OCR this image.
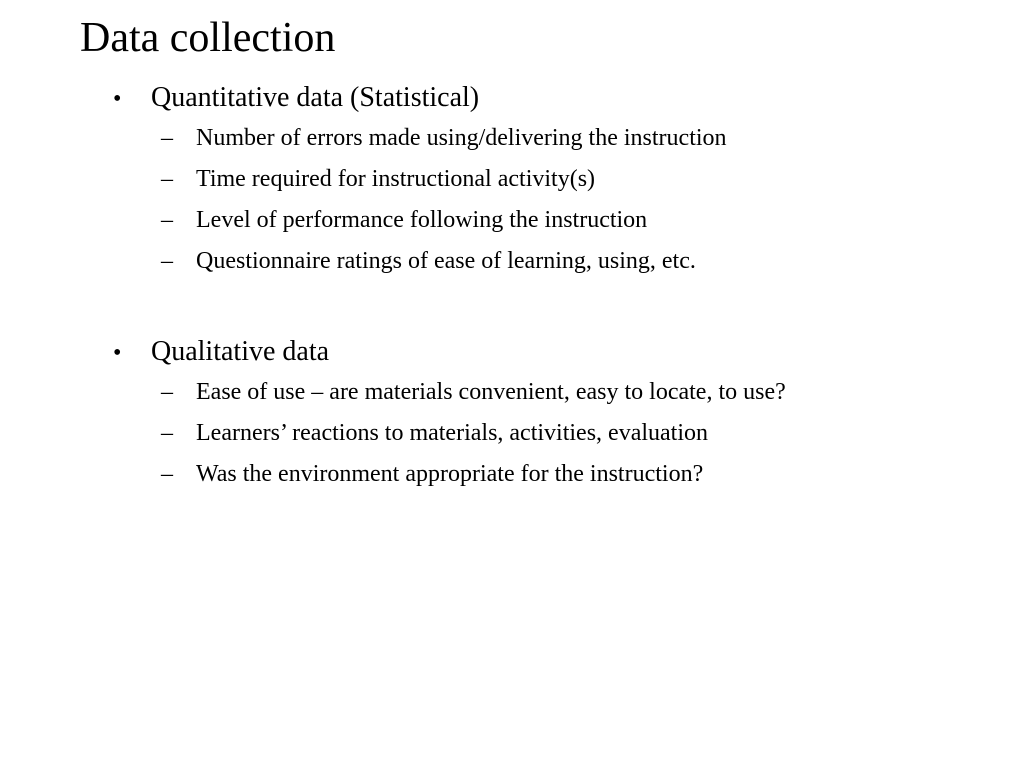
Data collection
•	Quantitative data (Statistical)
– Number of errors made using/delivering the instruction
– Time required for instructional activity(s)
– Level of performance following the instruction
– Questionnaire ratings of ease of learning, using, etc.
•	Qualitative data
– Ease of use – are materials convenient, easy to locate, to use?
– Learners’ reactions to materials, activities, evaluation
– Was the environment appropriate for the instruction?
